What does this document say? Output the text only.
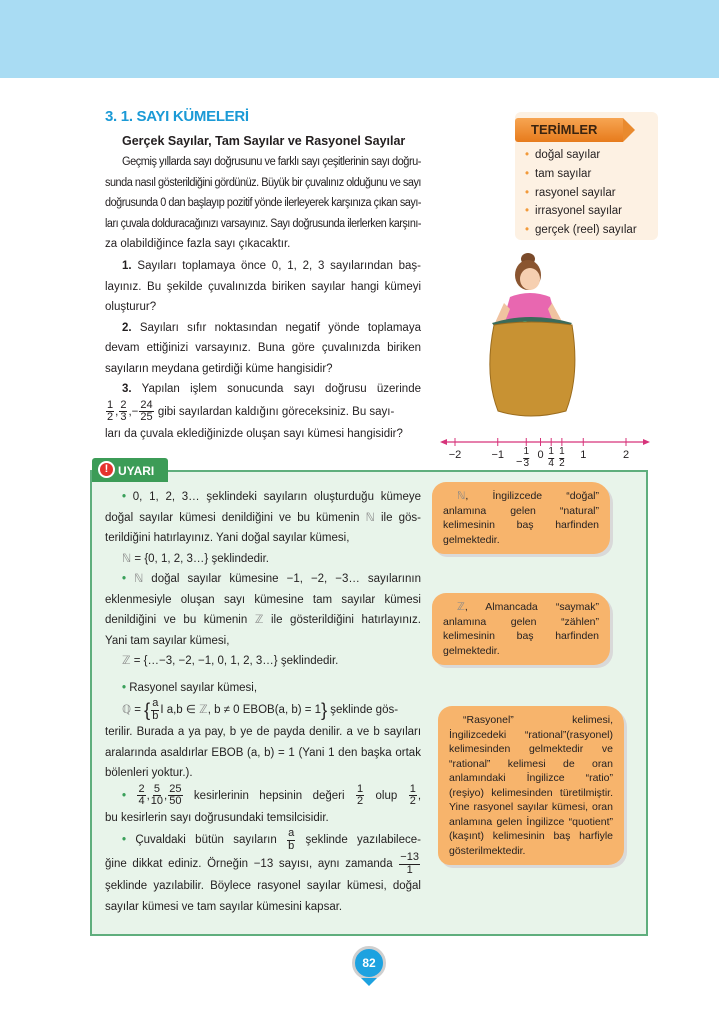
3. 1. SAYI KÜMELERİ
Gerçek Sayılar, Tam Sayılar ve Rasyonel Sayılar
Geçmiş yıllarda sayı doğrusunu ve farklı sayı çeşitlerinin sayı doğru-
sunda nasıl gösterildiğini gördünüz. Büyük bir çuvalınız olduğunu ve sayı
doğrusunda 0 dan başlayıp pozitif yönde ilerleyerek karşınıza çıkan sayı-
ları çuvala dolduracağınızı varsayınız. Sayı doğrusunda ilerlerken karşını-
za olabildiğince fazla sayı çıkacaktır.
1. Sayıları toplamaya önce 0, 1, 2, 3 sayılarından baş-
layınız. Bu şekilde çuvalınızda biriken sayılar hangi kümeyi
oluşturur?
2. Sayıları sıfır noktasından negatif yönde toplamaya
devam ettiğinizi varsayınız. Buna göre çuvalınızda biriken
sayıların meydana getirdiği küme hangisidir?
3. Yapılan işlem sonucunda sayı doğrusu üzerinde
$\frac{1}{2}$ , $\frac{2}{3}$ ,− $\frac{24}{25}$ gibi sayılardan kaldığını göreceksiniz. Bu sayı-
ları da çuvala eklediğinizde oluşan sayı kümesi hangisidir?
TERİMLER
• doğal sayılar
• tam sayılar
• rasyonel sayılar
• irrasyonel sayılar
• gerçek (reel) sayılar
−2	−1
− $\frac{1}{3} 0 \frac{1}{4} \frac{1}{2} 1$	2
! UYARI
• 0, 1, 2, 3… şeklindeki sayıların oluşturduğu kümeye
doğal sayılar kümesi denildiğini ve bu kümenin ℕ ile gös-
terildiğini hatırlayınız. Yani doğal sayılar kümesi,
ℕ = {0, 1, 2, 3…} şeklindedir.
• ℕ doğal sayılar kümesine −1, −2, −3… sayılarının
eklenmesiyle oluşan sayı kümesine tam sayılar kümesi
denildiğini ve bu kümenin ℤ ile gösterildiğini hatırlayınız.
Yani tam sayılar kümesi,
ℤ = {…−3, −2, −1, 0, 1, 2, 3…} şeklindedir.
• Rasyonel sayılar kümesi,
ℚ = { $\frac{a}{b}$ I a,b ∈ ℤ, b ≠ 0 EBOB(a, b) = 1} şeklinde gös-
terilir. Burada a ya pay, b ye de payda denilir. a ve b sayıları
aralarında asaldırlar EBOB (a, b) = 1 (Yani 1 den başka ortak
bölenleri yoktur.).
• $\frac{2}{4}$ , $\frac{5}{10}$ , $\frac{25}{50}$ kesirlerinin hepsinin değeri $\frac{1}{2}$ olup $\frac{1}{2}$ ,
bu kesirlerin sayı doğrusundaki temsilcisidir.
• Çuvaldaki bütün sayıların $\frac{a}{b}$ şeklinde yazılabilece-
ğine dikkat ediniz. Örneğin −13 sayısı, aynı zamanda $\frac{-13}{1}$
şeklinde yazılabilir. Böylece rasyonel sayılar kümesi, doğal
sayılar kümesi ve tam sayılar kümesini kapsar.

ℕ, İngilizcede “doğal” anlamına gelen “natural” kelimesinin baş harfinden gelmektedir.

ℤ, Almancada “saymak” anlamına gelen “zählen” kelimesinin baş harfinden gelmektedir.

“Rasyonel” kelimesi, İngilizcedeki “rational”(rasyonel) kelimesinden gelmektedir ve “rational” kelimesi de oran anlamındaki İngilizce “ratio” (reşiyo) kelimesinden türetilmiştir. Yine rasyonel sayılar kümesi, oran anlamına gelen İngilizce “quotient” (kaşınt) kelimesinin baş harfiyle gösterilmektedir.

82
